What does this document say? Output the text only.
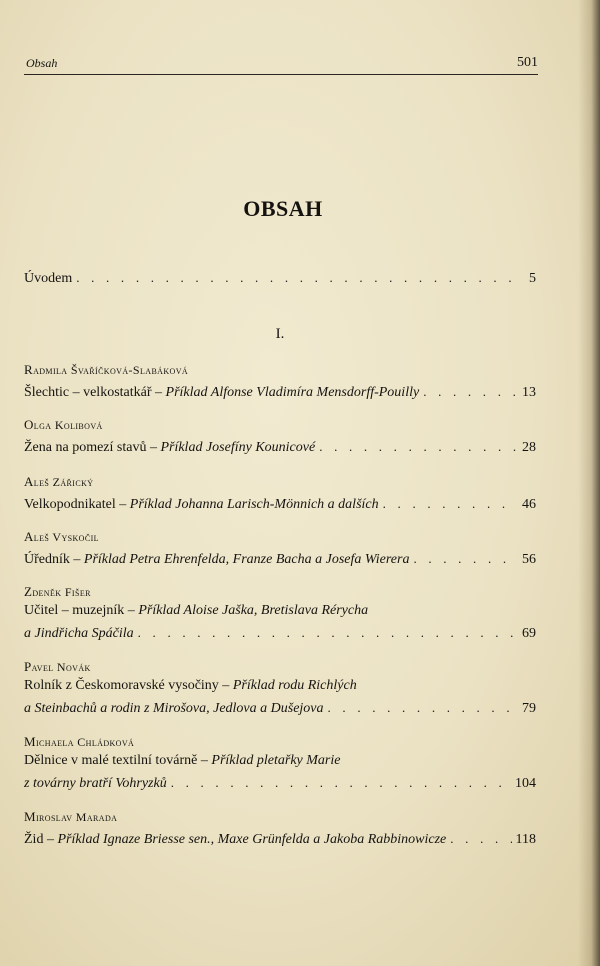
Obsah	501
OBSAH
Úvodem . . .	5
I.
Radmila Švaříčková-Slabáková
Šlechtic – velkostatkář – Příklad Alfonse Vladimíra Mensdorff-Pouilly . . .	13
Olga Kolibová
Žena na pomezí stavů – Příklad Josefíny Kounicové . . .	28
Aleš Zářický
Velkopodnikatel – Příklad Johanna Larisch-Mönnich a dalších . . .	46
Aleš Vyskočil
Úředník – Příklad Petra Ehrenfelda, Franze Bacha a Josefa Wierera . . .	56
Zdeněk Fišer
Učitel – muzejník – Příklad Aloise Jaška, Bretislava Rérycha
a Jindřicha Spáčila . . .	69
Pavel Novák
Rolník z Českomoravské vysočiny – Příklad rodu Richlých
a Steinbachů a rodin z Mirošova, Jedlova a Dušejova . . .	79
Michaela Chládková
Dělnice v malé textilní továrně – Příklad pletařky Marie
z továrny bratří Vohryzků . . .	104
Miroslav Marada
Žid – Příklad Ignaze Briesse sen., Maxe Grünfelda a Jakoba Rabbinowicze . . .	118
